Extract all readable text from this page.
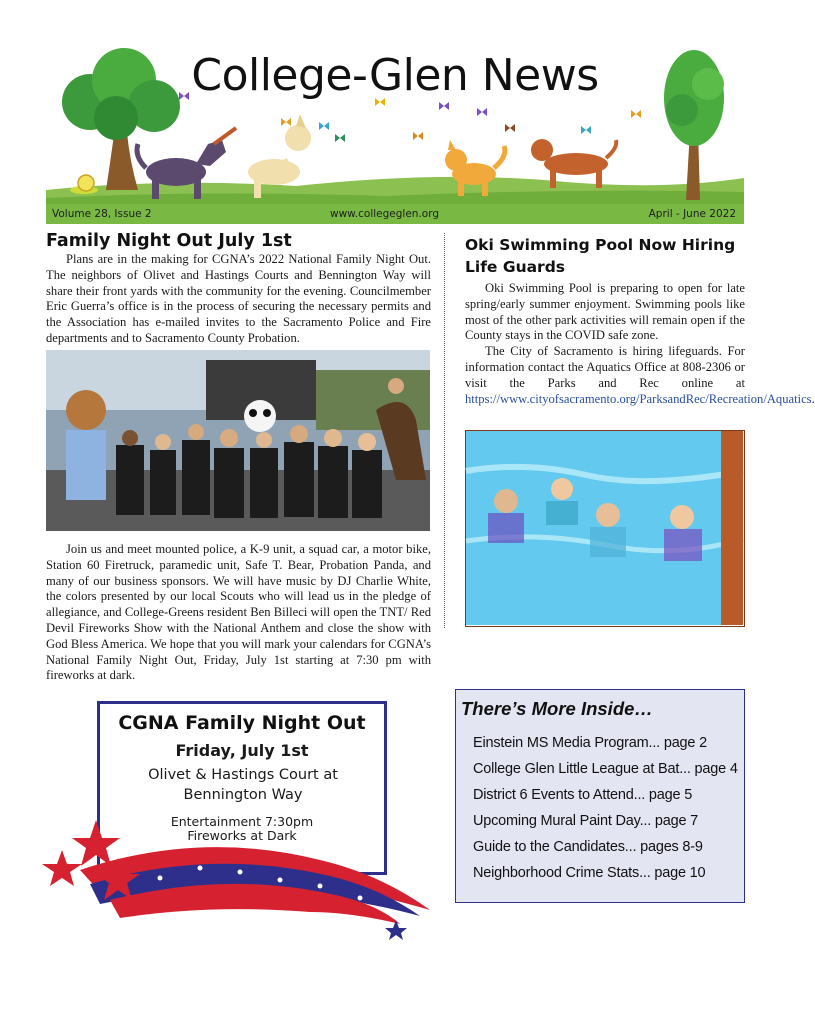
College-Glen News
Volume 28, Issue 2	www.collegeglen.org	April - June 2022
Family Night Out July 1st

Plans are in the making for CGNA’s 2022 National Family Night Out. The neighbors of Olivet and Hastings Courts and Bennington Way will share their front yards with the community for the evening. Councilmember Eric Guerra’s office is in the process of securing the necessary permits and the Association has e-mailed invites to the Sacramento Police and Fire departments and to Sacramento County Probation.

Join us and meet mounted police, a K-9 unit, a squad car, a motor bike, Station 60 Firetruck, paramedic unit, Safe T. Bear, Probation Panda, and many of our business sponsors. We will have music by DJ Charlie White, the colors presented by our local Scouts who will lead us in the pledge of allegiance, and College-Greens resident Ben Billeci will open the TNT/ Red Devil Fireworks Show with the National Anthem and close the show with God Bless America. We hope that you will mark your calendars for CGNA’s National Family Night Out, Friday, July 1st starting at 7:30 pm with fireworks at dark.

Oki Swimming Pool Now Hiring Life Guards

Oki Swimming Pool is preparing to open for late spring/early summer enjoyment. Swimming pools like most of the other park activities will remain open if the County stays in the COVID safe zone.

The City of Sacramento is hiring lifeguards. For information contact the Aquatics Office at 808-2306 or visit the Parks and Rec online at https://www.cityofsacramento.org/ParksandRec/Recreation/Aquatics.

CGNA Family Night Out
Friday, July 1st
Olivet & Hastings Court at Bennington Way
Entertainment 7:30pm
Fireworks at Dark
There’s More Inside…
Einstein MS Media Program... page 2
College Glen Little League at Bat... page 4
District 6 Events to Attend... page 5
Upcoming Mural Paint Day... page 7
Guide to the Candidates... pages 8-9
Neighborhood Crime Stats... page 10
